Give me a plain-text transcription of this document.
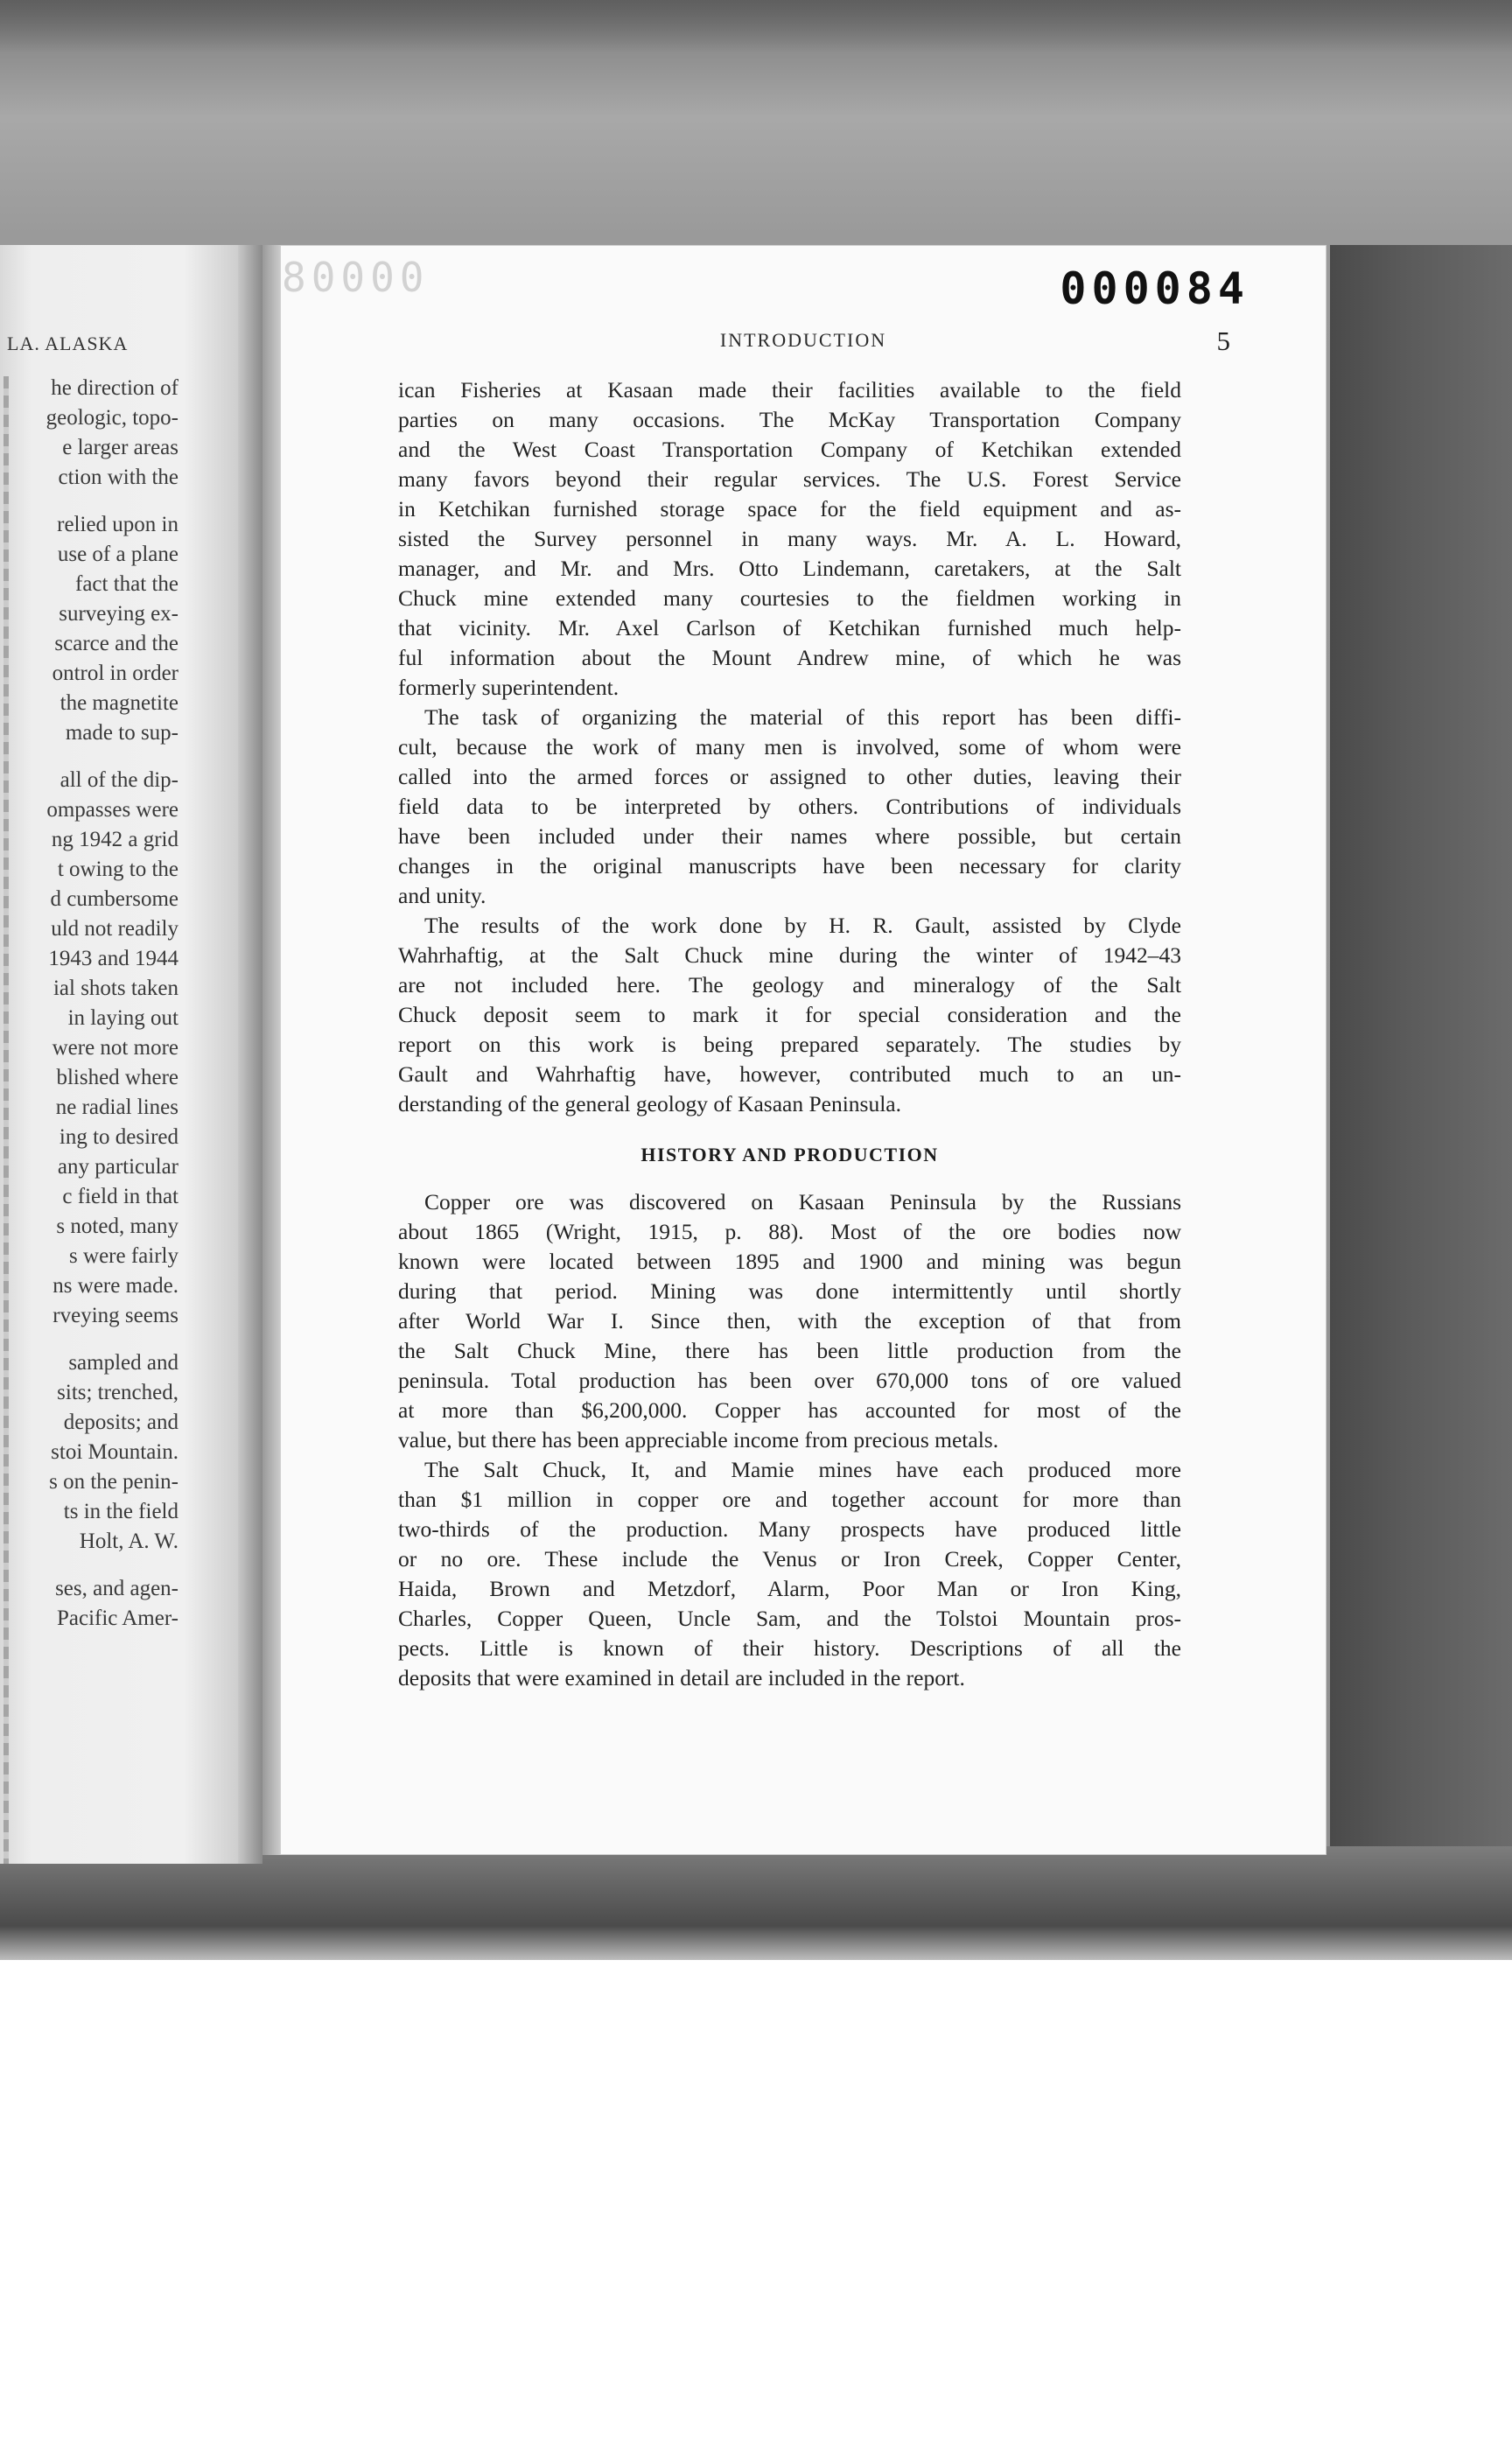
LA. ALASKA
he direction of
geologic, topo-
e larger areas
ction with the
relied upon in
use of a plane
fact that the
surveying ex-
scarce and the
ontrol in order
the magnetite
made to sup-
all of the dip-
ompasses were
ng 1942 a grid
t owing to the
d cumbersome
uld not readily
1943 and 1944
ial shots taken
in laying out
were not more
blished where
ne radial lines
ing to desired
any particular
c field in that
s noted, many
s were fairly
ns were made.
rveying seems
sampled and
sits; trenched,
deposits; and
stoi Mountain.
s on the penin-
ts in the field
Holt, A. W.
ses, and agen-
Pacific Amer-
000084
INTRODUCTION	5
ican Fisheries at Kasaan made their facilities available to the field
parties on many occasions. The McKay Transportation Company
and the West Coast Transportation Company of Ketchikan extended
many favors beyond their regular services. The U.S. Forest Service
in Ketchikan furnished storage space for the field equipment and as-
sisted the Survey personnel in many ways. Mr. A. L. Howard,
manager, and Mr. and Mrs. Otto Lindemann, caretakers, at the Salt
Chuck mine extended many courtesies to the fieldmen working in
that vicinity. Mr. Axel Carlson of Ketchikan furnished much help-
ful information about the Mount Andrew mine, of which he was
formerly superintendent.
The task of organizing the material of this report has been diffi-
cult, because the work of many men is involved, some of whom were
called into the armed forces or assigned to other duties, leaving their
field data to be interpreted by others. Contributions of individuals
have been included under their names where possible, but certain
changes in the original manuscripts have been necessary for clarity
and unity.
The results of the work done by H. R. Gault, assisted by Clyde
Wahrhaftig, at the Salt Chuck mine during the winter of 1942–43
are not included here. The geology and mineralogy of the Salt
Chuck deposit seem to mark it for special consideration and the
report on this work is being prepared separately. The studies by
Gault and Wahrhaftig have, however, contributed much to an un-
derstanding of the general geology of Kasaan Peninsula.
HISTORY AND PRODUCTION
Copper ore was discovered on Kasaan Peninsula by the Russians
about 1865 (Wright, 1915, p. 88). Most of the ore bodies now
known were located between 1895 and 1900 and mining was begun
during that period. Mining was done intermittently until shortly
after World War I. Since then, with the exception of that from
the Salt Chuck Mine, there has been little production from the
peninsula. Total production has been over 670,000 tons of ore valued
at more than $6,200,000. Copper has accounted for most of the
value, but there has been appreciable income from precious metals.
The Salt Chuck, It, and Mamie mines have each produced more
than $1 million in copper ore and together account for more than
two-thirds of the production. Many prospects have produced little
or no ore. These include the Venus or Iron Creek, Copper Center,
Haida, Brown and Metzdorf, Alarm, Poor Man or Iron King,
Charles, Copper Queen, Uncle Sam, and the Tolstoi Mountain pros-
pects. Little is known of their history. Descriptions of all the
deposits that were examined in detail are included in the report.
80000
